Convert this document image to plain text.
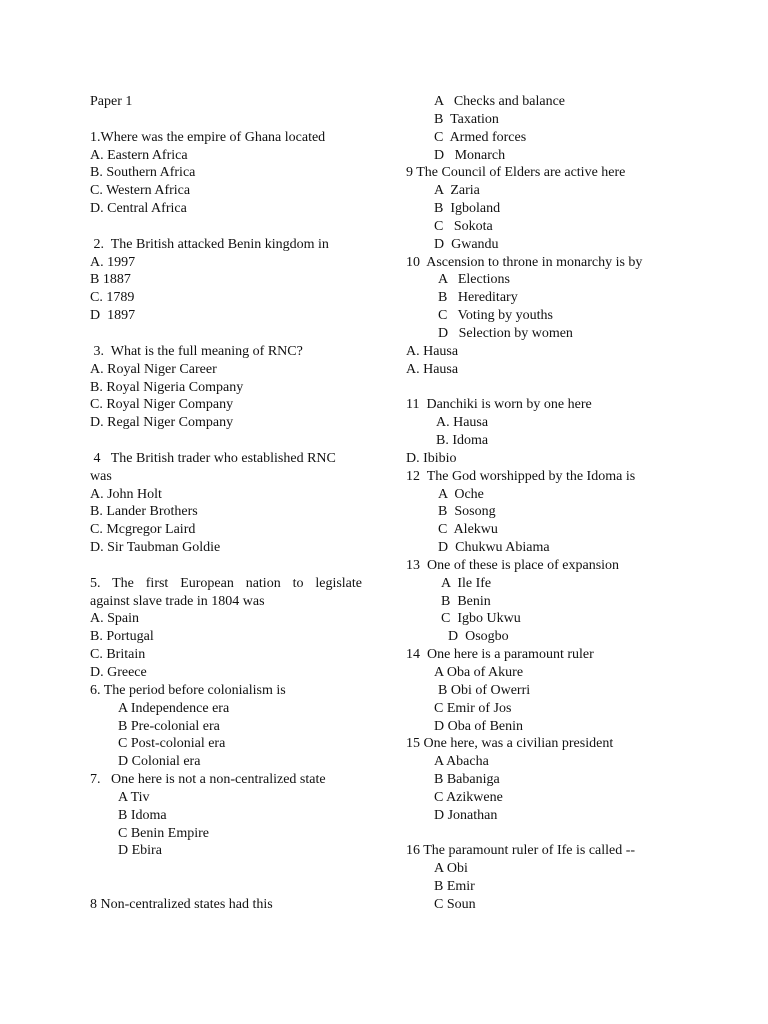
Paper 1
1.Where was the empire of Ghana located
A. Eastern Africa
B. Southern Africa
C. Western Africa
D. Central Africa
2.  The British attacked Benin kingdom in
A. 1997
B 1887
C. 1789
D  1897
3.  What is the full meaning of RNC?
A. Royal Niger Career
B. Royal Nigeria Company
C. Royal Niger Company
D. Regal Niger Company
4   The British trader who established RNC
was
A. John Holt
B. Lander Brothers
C. Mcgregor Laird
D. Sir Taubman Goldie
5. The first European nation to legislate
against slave trade in 1804 was
A. Spain
B. Portugal
C. Britain
D. Greece
6. The period before colonialism is
A Independence era
B Pre-colonial era
C Post-colonial era
D Colonial era
7.   One here is not a non-centralized state
A Tiv
B Idoma
C Benin Empire
D Ebira
8 Non-centralized states had this
A   Checks and balance
B  Taxation
C  Armed forces
D   Monarch
9 The Council of Elders are active here
A  Zaria
B  Igboland
C   Sokota
D  Gwandu
10  Ascension to throne in monarchy is by
A   Elections
B   Hereditary
C   Voting by youths
D   Selection by women
A. Hausa
A. Hausa
11  Danchiki is worn by one here
A. Hausa
B. Idoma
D. Ibibio
12  The God worshipped by the Idoma is
A  Oche
B  Sosong
C  Alekwu
D  Chukwu Abiama
13  One of these is place of expansion
A  Ile Ife
B  Benin
C  Igbo Ukwu
D  Osogbo
14  One here is a paramount ruler
A Oba of Akure
B Obi of Owerri
C Emir of Jos
D Oba of Benin
15 One here, was a civilian president
A Abacha
B Babaniga
C Azikwene
D Jonathan
16 The paramount ruler of Ife is called --
A Obi
B Emir
C Soun
